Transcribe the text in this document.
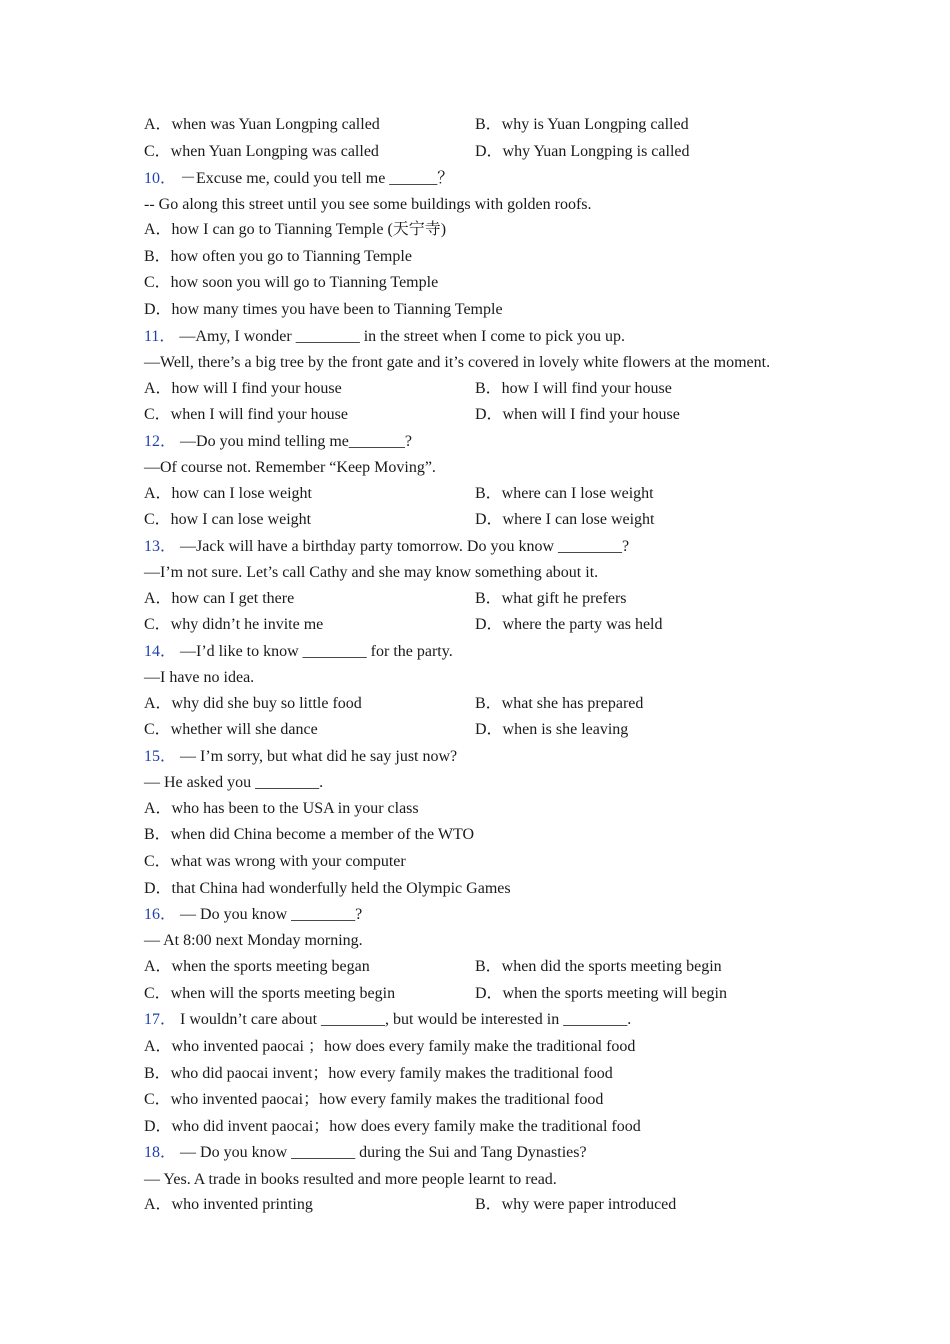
A．when was Yuan Longping called	B．why is Yuan Longping called
C．when Yuan Longping was called	D．why Yuan Longping is called
10． －Excuse me, could you tell me ______？
-- Go along this street until you see some buildings with golden roofs.
A．how I can go to Tianning Temple (天宁寺)
B．how often you go to Tianning Temple
C．how soon you will go to Tianning Temple
D．how many times you have been to Tianning Temple
11． —Amy, I wonder ________ in the street when I come to pick you up.
—Well, there’s a big tree by the front gate and it’s covered in lovely white flowers at the moment.
A．how will I find your house	B．how I will find your house
C．when I will find your house	D．when will I find your house
12． —Do you mind telling me_______?
—Of course not. Remember “Keep Moving”.
A．how can I lose weight	B．where can I lose weight
C．how I can lose weight	D．where I can lose weight
13． —Jack will have a birthday party tomorrow. Do you know ________?
—I’m not sure. Let’s call Cathy and she may know something about it.
A．how can I get there	B．what gift he prefers
C．why didn’t he invite me	D．where the party was held
14． —I’d like to know ________ for the party.
—I have no idea.
A．why did she buy so little food	B．what she has prepared
C．whether will she dance	D．when is she leaving
15． — I’m sorry, but what did he say just now?
— He asked you ________.
A．who has been to the USA in your class
B．when did China become a member of the WTO
C．what was wrong with your computer
D．that China had wonderfully held the Olympic Games
16． — Do you know ________?
— At 8:00 next Monday morning.
A．when the sports meeting began	B．when did the sports meeting begin
C．when will the sports meeting begin	D．when the sports meeting will begin
17． I wouldn’t care about ________, but would be interested in ________.
A．who invented paocai ；how does every family make the traditional food
B．who did paocai invent；how every family makes the traditional food
C．who invented paocai；how every family makes the traditional food
D．who did invent paocai；how does every family make the traditional food
18． — Do you know ________ during the Sui and Tang Dynasties?
— Yes. A trade in books resulted and more people learnt to read.
A．who invented printing	B．why were paper introduced
